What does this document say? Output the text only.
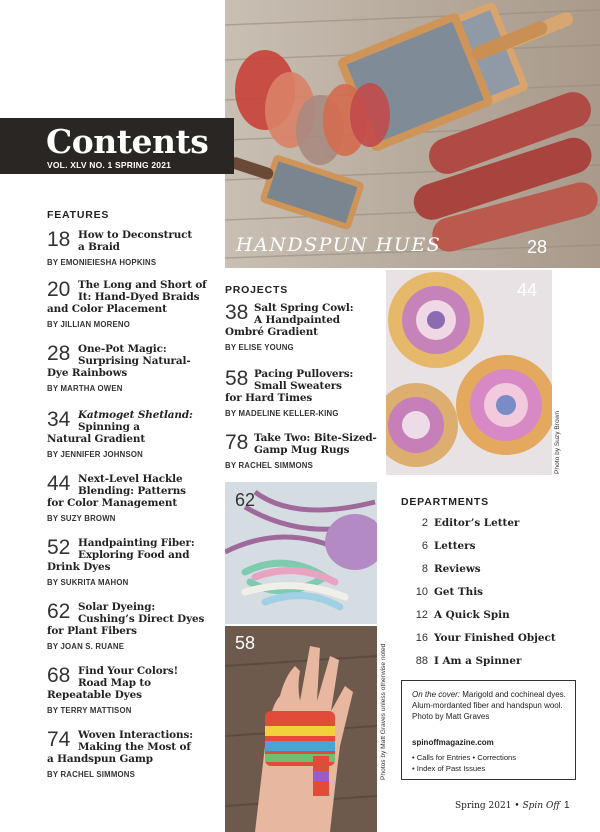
HANDSPUN HUES	28
Contents
VOL. XLV NO. 1 SPRING 2021
FEATURES
18 How to Deconstruct
a Braid
BY EMONIEIESHA HOPKINS
20 The Long and Short of
It: Hand-Dyed Braids
and Color Placement
BY JILLIAN MORENO
28 One-Pot Magic:
Surprising Natural-
Dye Rainbows
BY MARTHA OWEN
34 Katmoget Shetland:
Spinning a
Natural Gradient
BY JENNIFER JOHNSON
44 Next-Level Hackle
Blending: Patterns
for Color Management
BY SUZY BROWN
52 Handpainting Fiber:
Exploring Food and
Drink Dyes
BY SUKRITA MAHON
62 Solar Dyeing:
Cushing’s Direct Dyes
for Plant Fibers
BY JOAN S. RUANE
68 Find Your Colors!
Road Map to
Repeatable Dyes
BY TERRY MATTISON
74 Woven Interactions:
Making the Most of
a Handspun Gamp
BY RACHEL SIMMONS
PROJECTS
38 Salt Spring Cowl:
A Handpainted
Ombré Gradient
BY ELISE YOUNG
58 Pacing Pullovers:
Small Sweaters
for Hard Times
BY MADELINE KELLER-KING
78 Take Two: Bite-Sized-
Gamp Mug Rugs
BY RACHEL SIMMONS
44
Photo by Suzy Brown
62
58
Photos by Matt Graves unless otherwise noted
DEPARTMENTS
2 Editor’s Letter
6 Letters
8 Reviews
10 Get This
12 A Quick Spin
16 Your Finished Object
88 I Am a Spinner
On the cover: Marigold and cochineal dyes. Alum-mordanted fiber and handspun wool. Photo by Matt Graves
spinoffmagazine.com
• Calls for Entries • Corrections
• Index of Past Issues
Spring 2021 • Spin Off 1
